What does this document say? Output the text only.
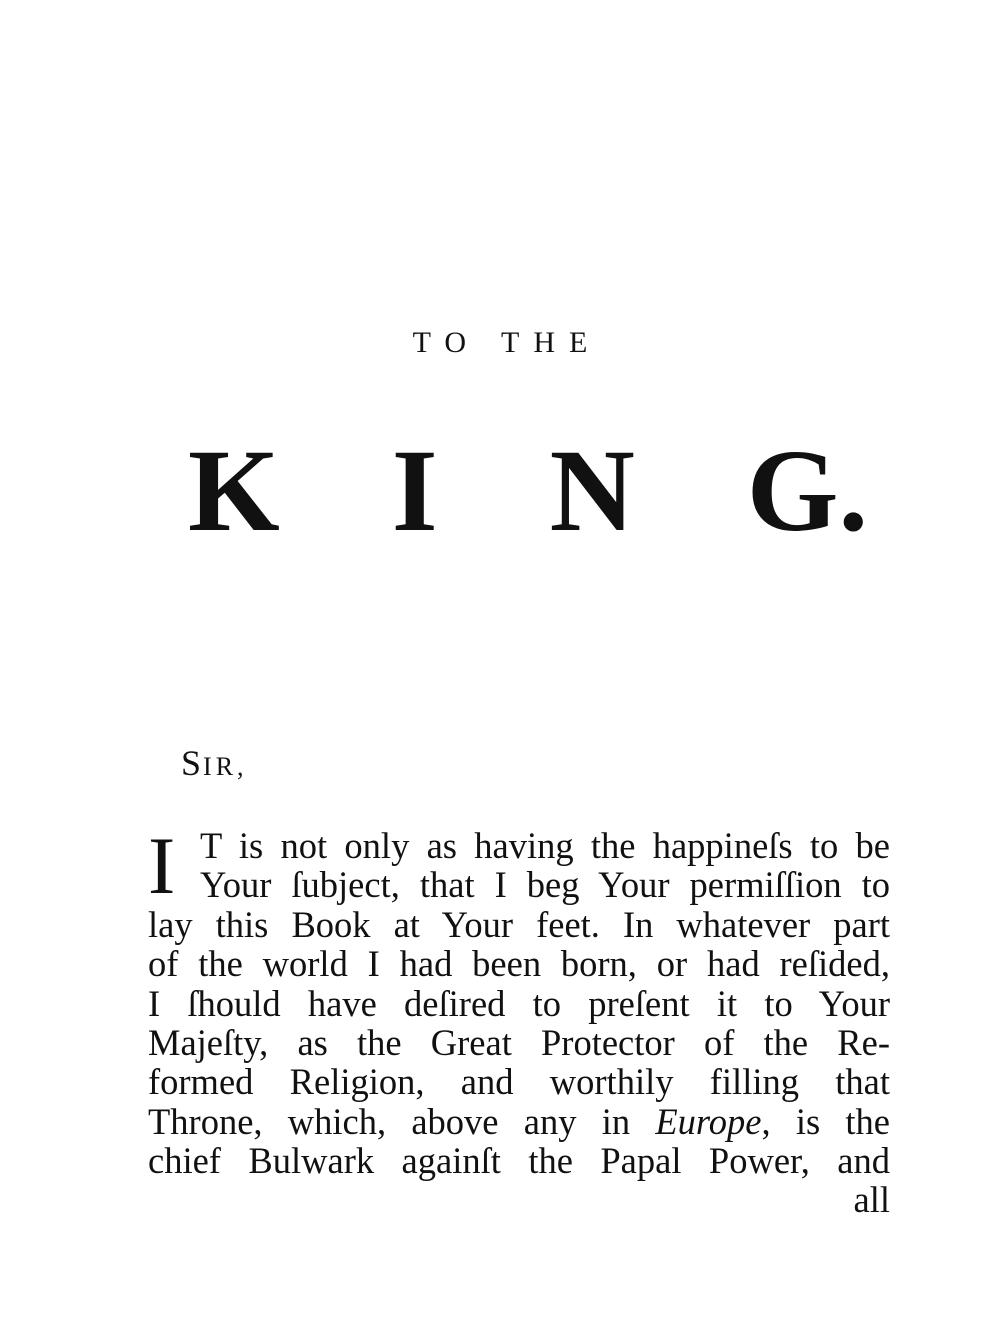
TO THE
K I N G.
SIR,
I T is not only as having the happineſs to be
Your ſubject, that I beg Your permiſſion to
lay this Book at Your feet. In whatever part
of the world I had been born, or had reſided,
I ſhould have deſired to preſent it to Your
Majeſty, as the Great Protector of the Re-
formed Religion, and worthily filling that
Throne, which, above any in Europe, is the
chief Bulwark againſt the Papal Power, and
all
